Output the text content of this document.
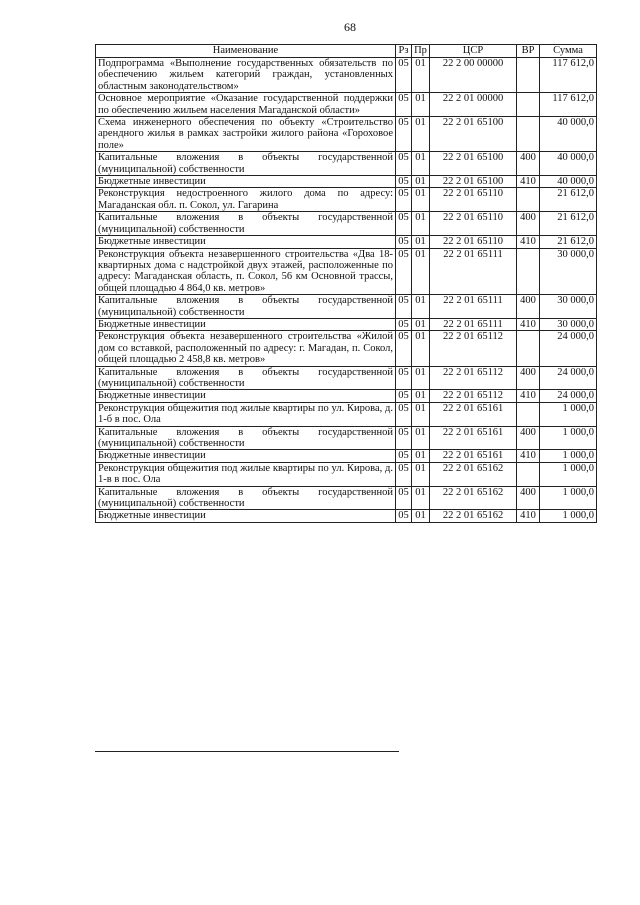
68
Наименование	Рз	Пр	ЦСР	ВР	Сумма
Подпрограмма «Выполнение государственных обязательств по обеспечению жильем категорий граждан, установленных областным законодательством»	05	01	22 2 00 00000		117 612,0
Основное мероприятие «Оказание государственной поддержки по обеспечению жильем населения Магаданской области»	05	01	22 2 01 00000		117 612,0
Схема инженерного обеспечения по объекту «Строительство арендного жилья в рамках застройки жилого района «Гороховое поле»	05	01	22 2 01 65100		40 000,0
Капитальные вложения в объекты государственной (муниципальной) собственности	05	01	22 2 01 65100	400	40 000,0
Бюджетные инвестиции	05	01	22 2 01 65100	410	40 000,0
Реконструкция недостроенного жилого дома по адресу: Магаданская обл. п. Сокол, ул. Гагарина	05	01	22 2 01 65110		21 612,0
Капитальные вложения в объекты государственной (муниципальной) собственности	05	01	22 2 01 65110	400	21 612,0
Бюджетные инвестиции	05	01	22 2 01 65110	410	21 612,0
Реконструкция объекта незавершенного строительства «Два 18-квартирных дома с надстройкой двух этажей, расположенные по адресу: Магаданская область, п. Сокол, 56 км Основной трассы, общей площадью 4 864,0 кв. метров»	05	01	22 2 01 65111		30 000,0
Капитальные вложения в объекты государственной (муниципальной) собственности	05	01	22 2 01 65111	400	30 000,0
Бюджетные инвестиции	05	01	22 2 01 65111	410	30 000,0
Реконструкция объекта незавершенного строительства «Жилой дом со вставкой, расположенный по адресу: г. Магадан, п. Сокол, общей площадью 2 458,8 кв. метров»	05	01	22 2 01 65112		24 000,0
Капитальные вложения в объекты государственной (муниципальной) собственности	05	01	22 2 01 65112	400	24 000,0
Бюджетные инвестиции	05	01	22 2 01 65112	410	24 000,0
Реконструкция общежития под жилые квартиры по ул. Кирова, д. 1-б в пос. Ола	05	01	22 2 01 65161		1 000,0
Капитальные вложения в объекты государственной (муниципальной) собственности	05	01	22 2 01 65161	400	1 000,0
Бюджетные инвестиции	05	01	22 2 01 65161	410	1 000,0
Реконструкция общежития под жилые квартиры по ул. Кирова, д. 1-в в пос. Ола	05	01	22 2 01 65162		1 000,0
Капитальные вложения в объекты государственной (муниципальной) собственности	05	01	22 2 01 65162	400	1 000,0
Бюджетные инвестиции	05	01	22 2 01 65162	410	1 000,0
